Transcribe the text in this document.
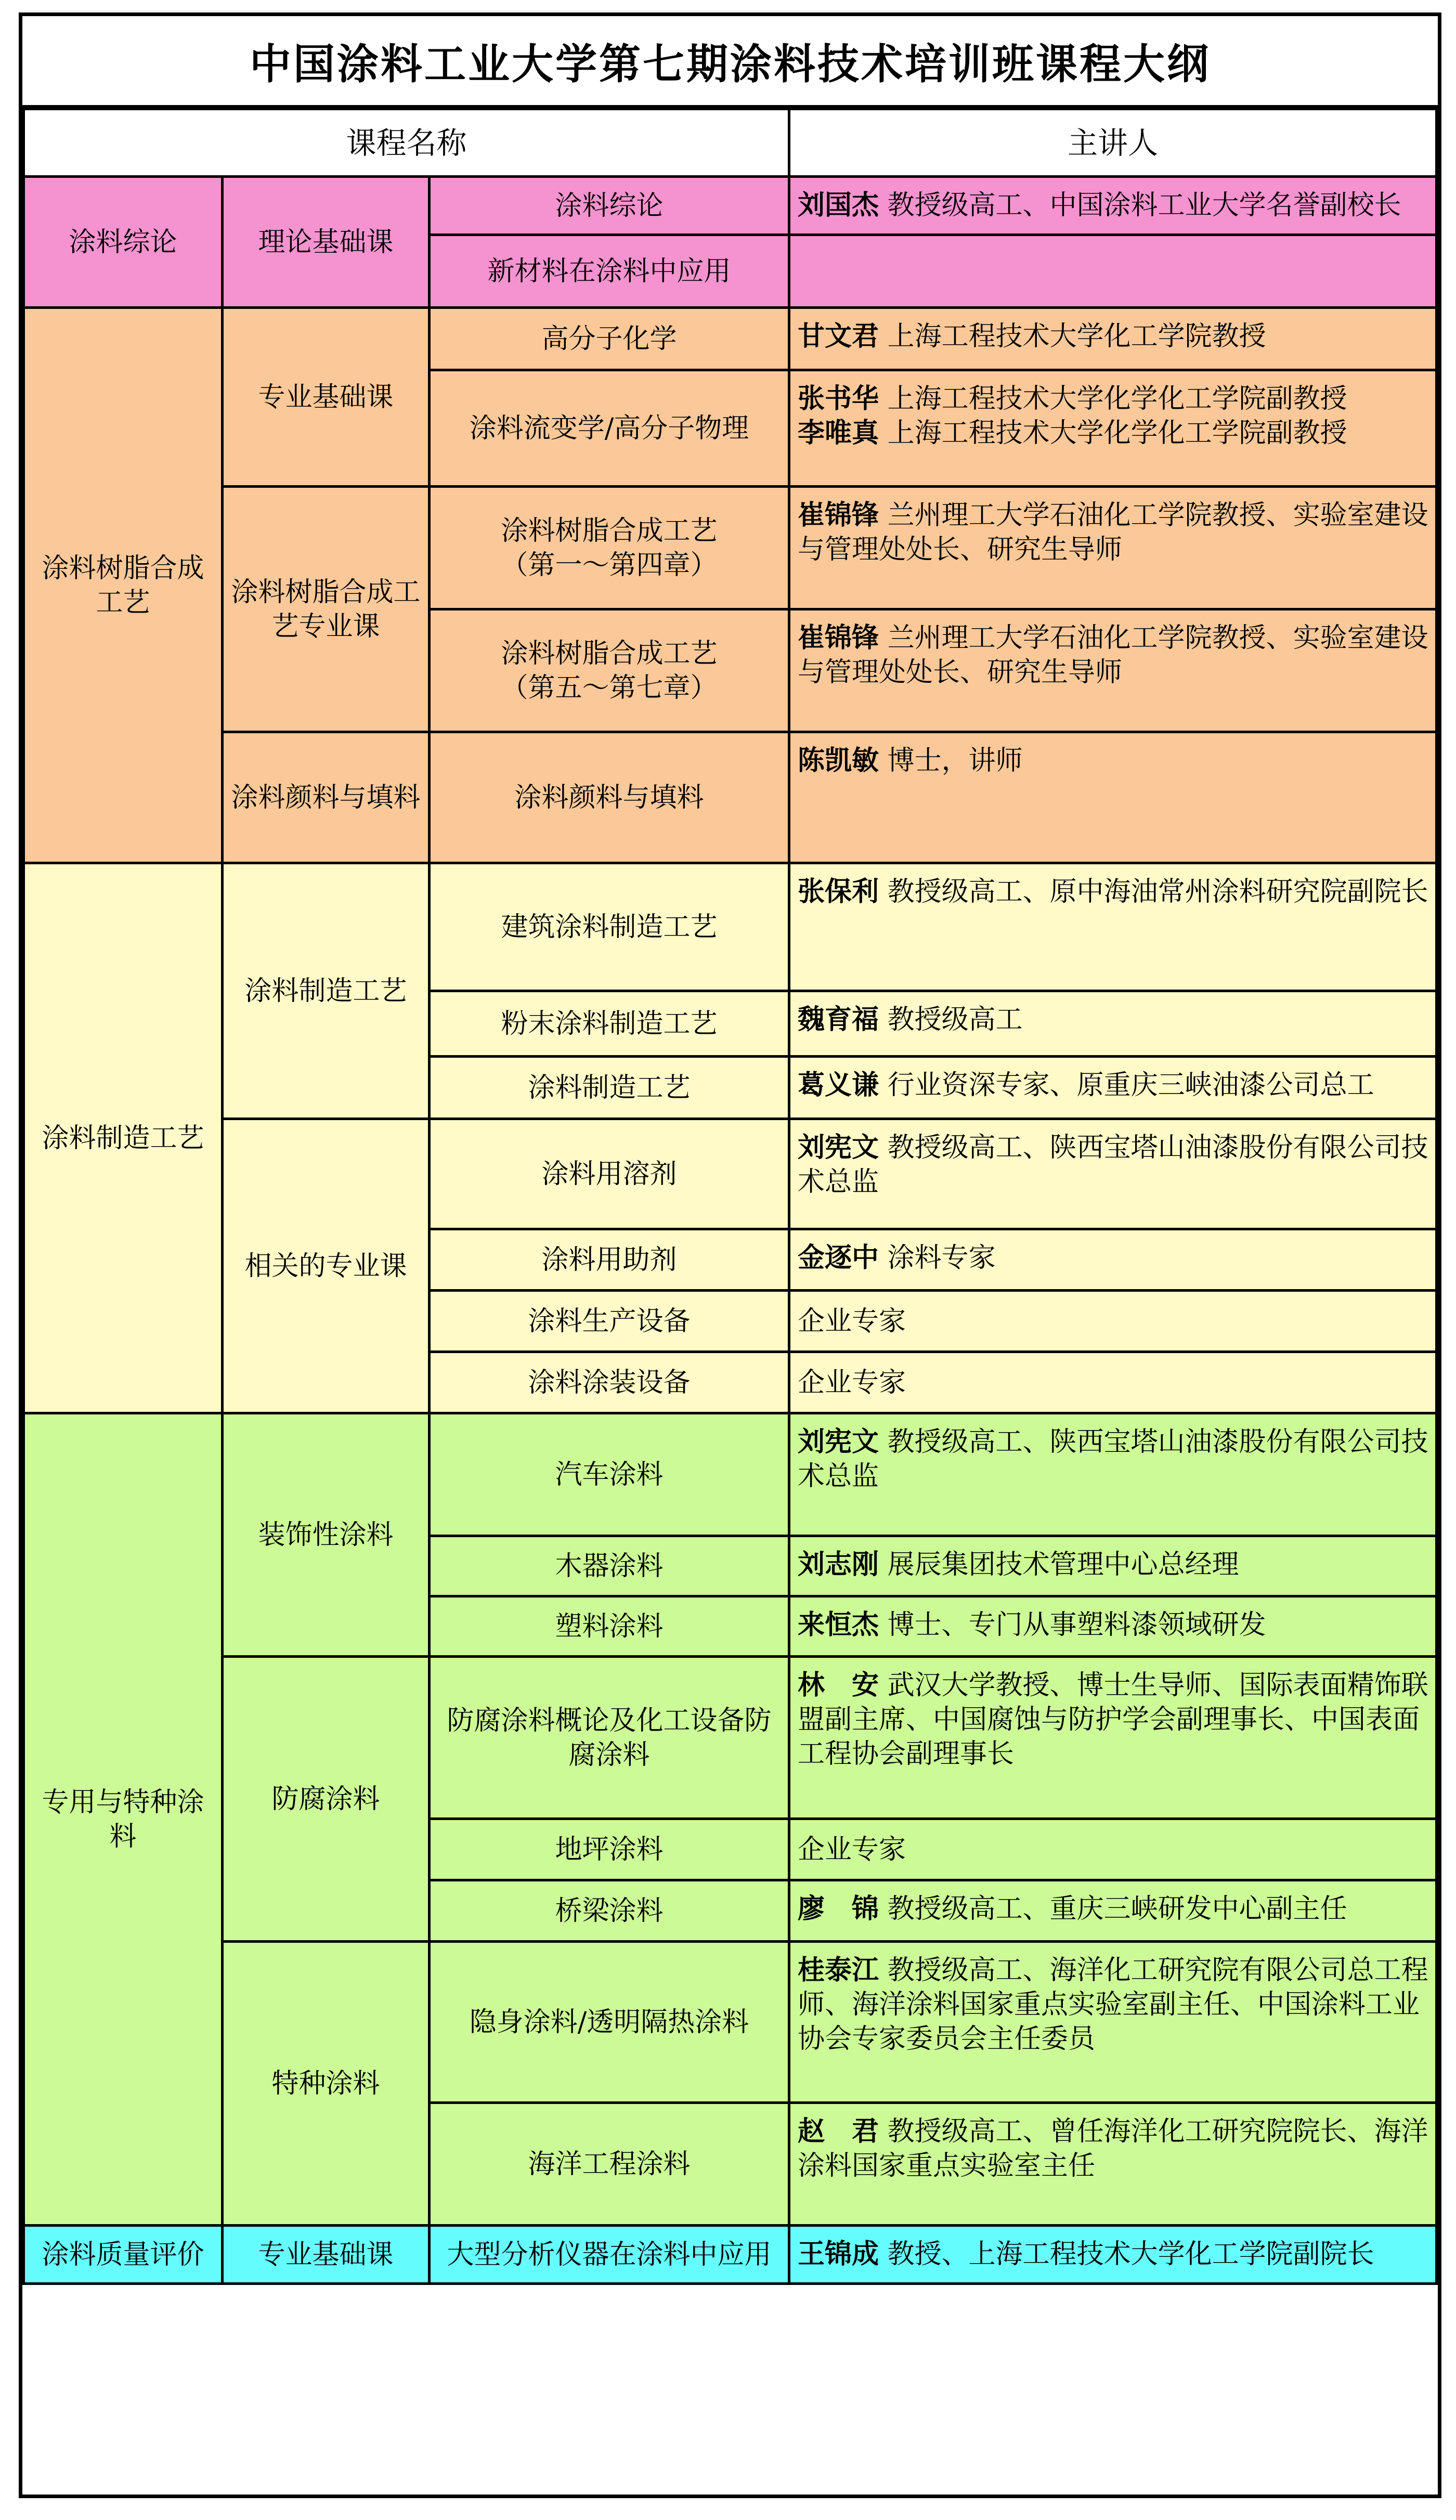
中国涂料工业大学第七期涂料技术培训班课程大纲
课程名称			主讲人
涂料综论	理论基础课	涂料综论	刘国杰 教授级高工、中国涂料工业大学名誉副校长

		新材料在涂料中应用	

涂料树脂合成工艺	专业基础课	高分子化学	甘文君 上海工程技术大学化工学院教授

		涂料流变学/高分子物理	张书华 上海工程技术大学化学化工学院副教授
李唯真 上海工程技术大学化学化工学院副教授

	涂料树脂合成工艺专业课	涂料树脂合成工艺
（第一～第四章）	崔锦锋 兰州理工大学石油化工学院教授、实验室建设与管理处处长、研究生导师

		涂料树脂合成工艺
（第五～第七章）	崔锦锋 兰州理工大学石油化工学院教授、实验室建设与管理处处长、研究生导师

	涂料颜料与填料	涂料颜料与填料	陈凯敏 博士，讲师

涂料制造工艺	涂料制造工艺	建筑涂料制造工艺	张保利 教授级高工、原中海油常州涂料研究院副院长

		粉末涂料制造工艺	魏育福 教授级高工

		涂料制造工艺	葛义谦 行业资深专家、原重庆三峡油漆公司总工

	相关的专业课	涂料用溶剂	刘宪文 教授级高工、陕西宝塔山油漆股份有限公司技术总监

		涂料用助剂	金逐中 涂料专家

		涂料生产设备	企业专家

		涂料涂装设备	企业专家
专用与特种涂料	装饰性涂料	汽车涂料	刘宪文 教授级高工、陕西宝塔山油漆股份有限公司技术总监

		木器涂料	刘志刚 展辰集团技术管理中心总经理

		塑料涂料	来恒杰 博士、专门从事塑料漆领域研发

	防腐涂料	防腐涂料概论及化工设备防腐涂料	林　安 武汉大学教授、博士生导师、国际表面精饰联盟副主席、中国腐蚀与防护学会副理事长、中国表面工程协会副理事长

		地坪涂料	企业专家

		桥梁涂料	廖　锦 教授级高工、重庆三峡研发中心副主任

	特种涂料	隐身涂料/透明隔热涂料	桂泰江 教授级高工、海洋化工研究院有限公司总工程师、海洋涂料国家重点实验室副主任、中国涂料工业协会专家委员会主任委员

		海洋工程涂料	赵　君 教授级高工、曾任海洋化工研究院院长、海洋涂料国家重点实验室主任

涂料质量评价	专业基础课	大型分析仪器在涂料中应用	王锦成 教授、上海工程技术大学化工学院副院长
